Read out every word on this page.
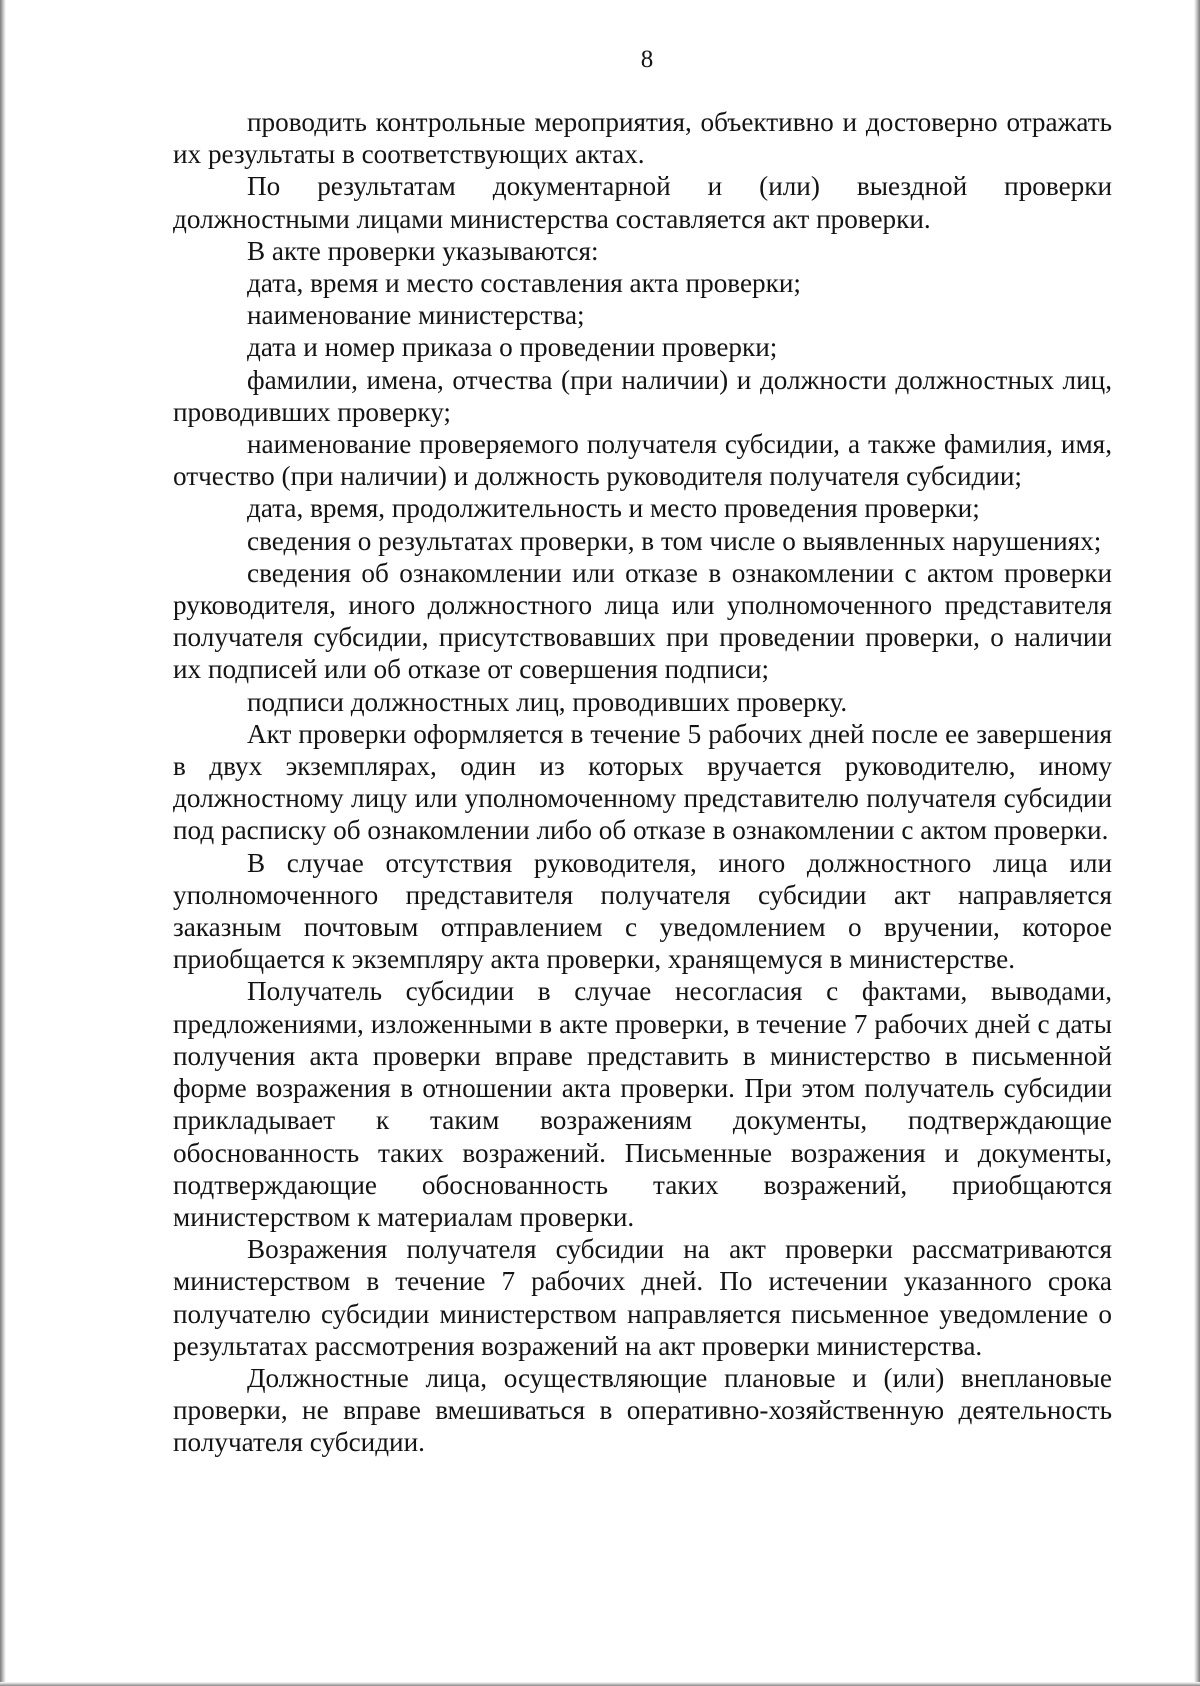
8

проводить контрольные мероприятия, объективно и достоверно отражать их результаты в соответствующих актах.

По результатам документарной и (или) выездной проверки должностными лицами министерства составляется акт проверки.

В акте проверки указываются:

дата, время и место составления акта проверки;

наименование министерства;

дата и номер приказа о проведении проверки;

фамилии, имена, отчества (при наличии) и должности должностных лиц, проводивших проверку;

наименование проверяемого получателя субсидии, а также фамилия, имя, отчество (при наличии) и должность руководителя получателя субсидии;

дата, время, продолжительность и место проведения проверки;

сведения о результатах проверки, в том числе о выявленных нарушениях;

сведения об ознакомлении или отказе в ознакомлении с актом проверки руководителя, иного должностного лица или уполномоченного представителя получателя субсидии, присутствовавших при проведении проверки, о наличии их подписей или об отказе от совершения подписи;

подписи должностных лиц, проводивших проверку.

Акт проверки оформляется в течение 5 рабочих дней после ее завершения в двух экземплярах, один из которых вручается руководителю, иному должностному лицу или уполномоченному представителю получателя субсидии под расписку об ознакомлении либо об отказе в ознакомлении с актом проверки.

В случае отсутствия руководителя, иного должностного лица или уполномоченного представителя получателя субсидии акт направляется заказным почтовым отправлением с уведомлением о вручении, которое приобщается к экземпляру акта проверки, хранящемуся в министерстве.

Получатель субсидии в случае несогласия с фактами, выводами, предложениями, изложенными в акте проверки, в течение 7 рабочих дней с даты получения акта проверки вправе представить в министерство в письменной форме возражения в отношении акта проверки. При этом получатель субсидии прикладывает к таким возражениям документы, подтверждающие обоснованность таких возражений. Письменные возражения и документы, подтверждающие обоснованность таких возражений, приобщаются министерством к материалам проверки.

Возражения получателя субсидии на акт проверки рассматриваются министерством в течение 7 рабочих дней. По истечении указанного срока получателю субсидии министерством направляется письменное уведомление о результатах рассмотрения возражений на акт проверки министерства.

Должностные лица, осуществляющие плановые и (или) внеплановые проверки, не вправе вмешиваться в оперативно-хозяйственную деятельность получателя субсидии.
